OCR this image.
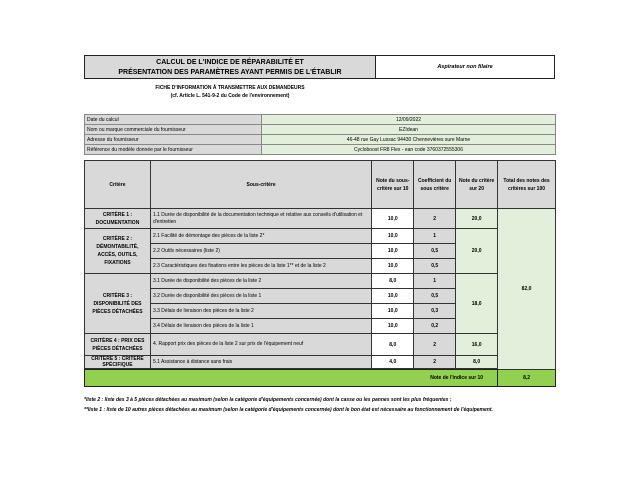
CALCUL DE L'INDICE DE RÉPARABILITÉ ET
PRÉSENTATION DES PARAMÈTRES AYANT PERMIS DE L'ÉTABLIR
Aspirateur non filaire
FICHE D'INFORMATION À TRANSMETTRE AUX DEMANDEURS
(cf. Article L. 541-9-2 du Code de l'environnement)
Date du calcul	12/09/2022
Nom ou marque commerciale du fournisseur	EZIdean
Adresse du fournisseur	46-48 rue Gay Lussac 94430 Chennevières sure Marne
Référence du modèle donnée par le fournisseur	Cycloboost FR8 Flex - ean code 3760372555306
Critère	Sous-critère	Note du sous-critère sur 10	Coefficient du sous critère	Note du critère sur 20	Total des notes des critères sur 100
CRITÈRE 1 : DOCUMENTATION	1.1 Durée de disponibilité de la documentation technique et relative aux conseils d'utilisation et d'entretien	10,0	2	20,0	82,0
CRITÈRE 2 : DÉMONTABILITÉ, ACCÈS, OUTILS, FIXATIONS	2.1 Facilité de démontage des pièces de la liste 2*	10,0	1	20,0	
	2.2 Outils nécessaires (liste 2)	10,0	0,5		
	2.3 Caractéristiques des fixations entre les pièces de la liste 1** et de la liste 2	10,0	0,5		
CRITÈRE 3 : DISPONIBILITÉ DES PIÈCES DÉTACHÉES	3.1 Durée de disponibilité des pièces de la liste 2	8,0	1	18,0	
	3.2 Durée de disponibilité des pièces de la liste 1	10,0	0,5		
	3.3 Délais de livraison des pièces de la liste 2	10,0	0,3		
	3.4 Délais de livraison des pièces de la liste 1	10,0	0,2		
CRITÈRE 4 : PRIX DES PIÈCES DÉTACHÉES	4. Rapport prix des pièces de la liste 2 sur prix de l'équipement neuf	8,0	2	16,0	
CRITÈRE 5 : CRITÈRE SPÉCIFIQUE	5.1 Assistance à distance sans frais	4,0	2	8,0	

Note de l'indice sur 10					8,2
*liste 2 : liste des 3 à 5 pièces détachées au maximum (selon la catégorie d'équipements concernée) dont la casse ou les pannes sont les plus fréquentes ;
**liste 1 : liste de 10 autres pièces détachées au maximum (selon la catégorie d'équipements concernée) dont le bon état est nécessaire au fonctionnement de l'équipement.
